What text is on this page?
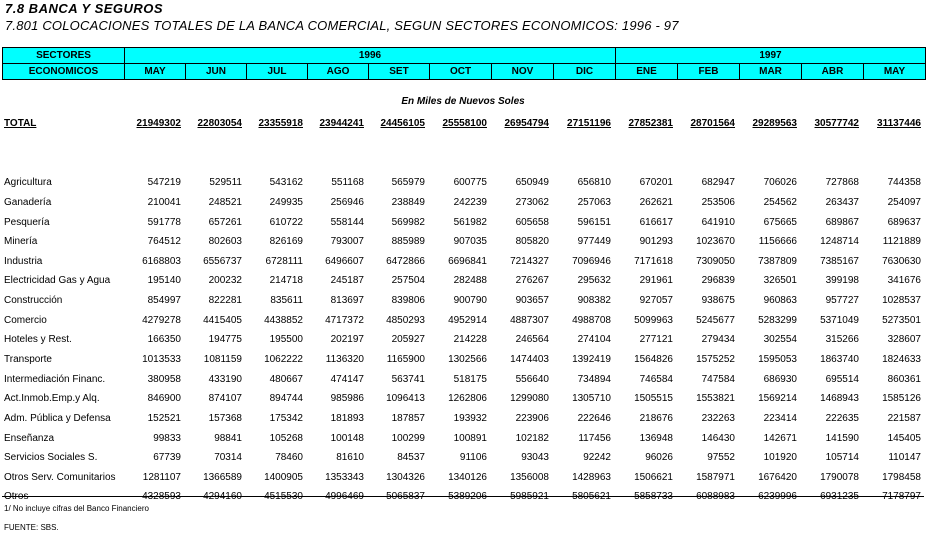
7.8 BANCA Y SEGUROS
7.801 COLOCACIONES TOTALES DE LA BANCA COMERCIAL, SEGUN SECTORES ECONOMICOS: 1996 - 97
SECTORES	1996								1997				
ECONOMICOS	MAY	JUN	JUL	AGO	SET	OCT	NOV	DIC	ENE	FEB	MAR	ABR	MAY
En Miles de Nuevos Soles
TOTAL	21949302	22803054	23355918	23944241	24456105	25558100	26954794	27151196	27852381	28701564	29289563	30577742	31137446

Agricultura	547219	529511	543162	551168	565979	600775	650949	656810	670201	682947	706026	727868	744358
Ganadería	210041	248521	249935	256946	238849	242239	273062	257063	262621	253506	254562	263437	254097
Pesquería	591778	657261	610722	558144	569982	561982	605658	596151	616617	641910	675665	689867	689637
Minería	764512	802603	826169	793007	885989	907035	805820	977449	901293	1023670	1156666	1248714	1121889
Industria	6168803	6556737	6728111	6496607	6472866	6696841	7214327	7096946	7171618	7309050	7387809	7385167	7630630
Electricidad Gas y Agua	195140	200232	214718	245187	257504	282488	276267	295632	291961	296839	326501	399198	341676
Construcción	854997	822281	835611	813697	839806	900790	903657	908382	927057	938675	960863	957727	1028537
Comercio	4279278	4415405	4438852	4717372	4850293	4952914	4887307	4988708	5099963	5245677	5283299	5371049	5273501
Hoteles y Rest.	166350	194775	195500	202197	205927	214228	246564	274104	277121	279434	302554	315266	328607
Transporte	1013533	1081159	1062222	1136320	1165900	1302566	1474403	1392419	1564826	1575252	1595053	1863740	1824633
Intermediación Financ.	380958	433190	480667	474147	563741	518175	556640	734894	746584	747584	686930	695514	860361
Act.Inmob.Emp.y Alq.	846900	874107	894744	985986	1096413	1262806	1299080	1305710	1505515	1553821	1569214	1468943	1585126
Adm. Pública y Defensa	152521	157368	175342	181893	187857	193932	223906	222646	218676	232263	223414	222635	221587
Enseñanza	99833	98841	105268	100148	100299	100891	102182	117456	136948	146430	142671	141590	145405
Servicios Sociales S.	67739	70314	78460	81610	84537	91106	93043	92242	96026	97552	101920	105714	110147
Otros Serv. Comunitarios	1281107	1366589	1400905	1353343	1304326	1340126	1356008	1428963	1506621	1587971	1676420	1790078	1798458
Otros	4328593	4294160	4515530	4996469	5065837	5389206	5985921	5805621	5858733	6088983	6239996	6931235	7178797
1/ No incluye cifras del Banco Financiero
FUENTE: SBS.
